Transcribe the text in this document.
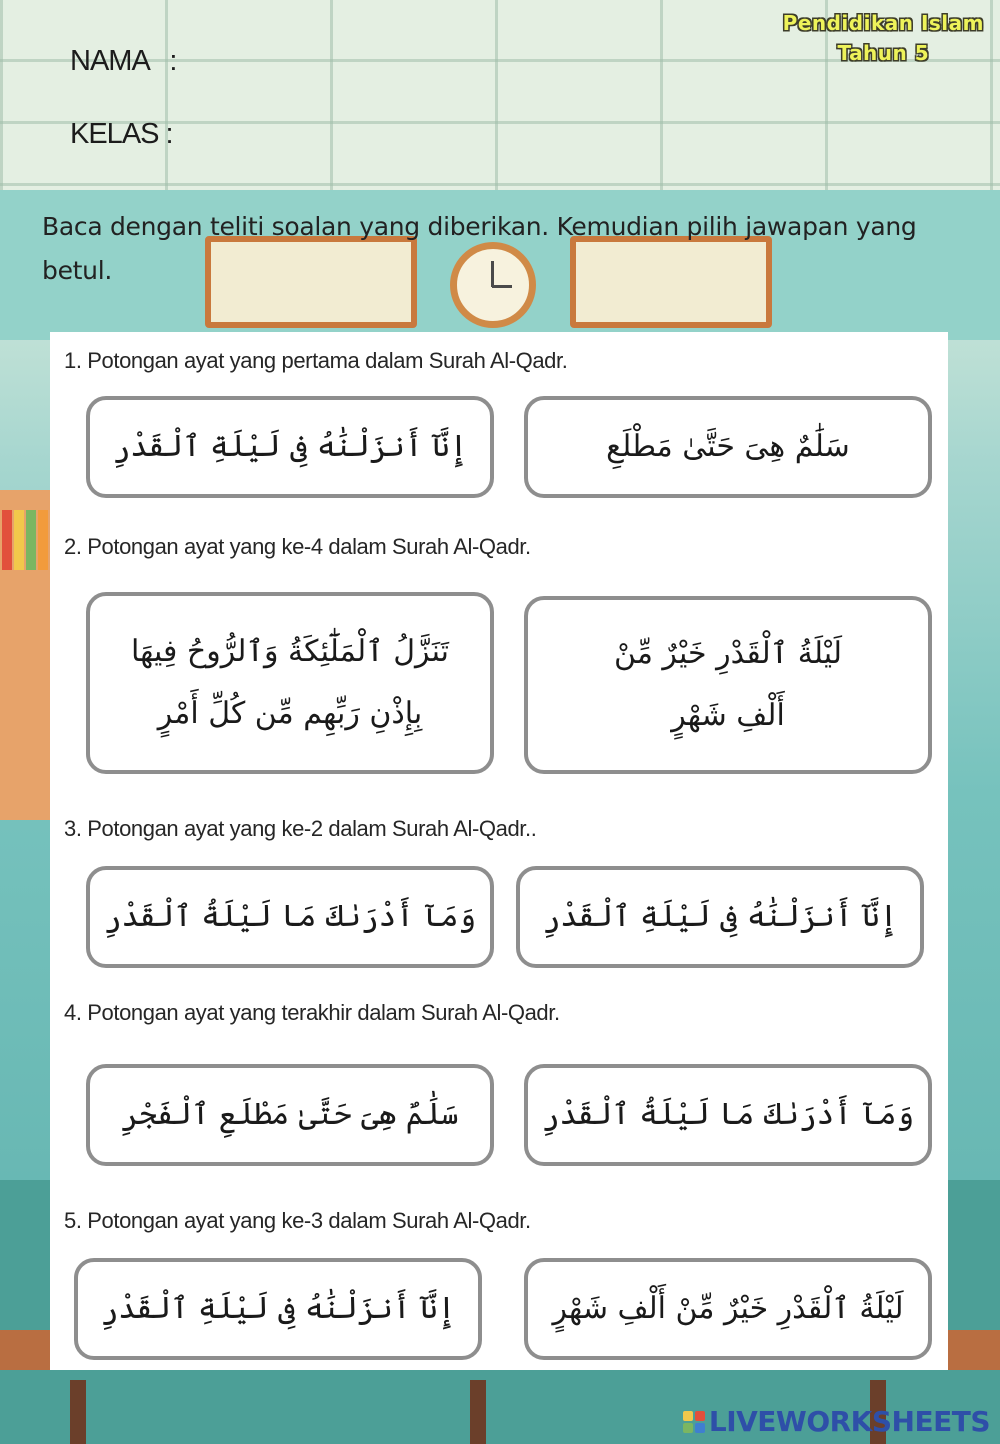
Pendidikan Islam
Tahun 5
NAMA   :
KELAS :
Baca dengan teliti soalan yang diberikan. Kemudian pilih jawapan yang betul.
1. Potongan ayat yang pertama dalam Surah Al-Qadr.
إِنَّآ أَنزَلْنَٰهُ فِى لَيْلَةِ ٱلْقَدْرِ	سَلَٰمٌ هِىَ حَتَّىٰ مَطْلَعِ
2. Potongan ayat yang ke-4 dalam Surah Al-Qadr.
تَنَزَّلُ ٱلْمَلَٰٓئِكَةُ وَٱلرُّوحُ فِيهَا
بِإِذْنِ رَبِّهِم مِّن كُلِّ أَمْرٍ
لَيْلَةُ ٱلْقَدْرِ خَيْرٌ مِّنْ
أَلْفِ شَهْرٍ
3. Potongan ayat yang ke-2 dalam Surah Al-Qadr..
وَمَآ أَدْرَىٰكَ مَا لَيْلَةُ ٱلْقَدْرِ إِنَّآ أَنزَلْنَٰهُ فِى لَيْلَةِ ٱلْقَدْرِ
4. Potongan ayat yang terakhir dalam Surah Al-Qadr.
سَلَٰمٌ هِىَ حَتَّىٰ مَطْلَعِ ٱلْفَجْرِ	وَمَآ أَدْرَىٰكَ مَا لَيْلَةُ ٱلْقَدْرِ
5. Potongan ayat yang ke-3 dalam Surah Al-Qadr.
إِنَّآ أَنزَلْنَٰهُ فِى لَيْلَةِ ٱلْقَدْرِ	لَيْلَةُ ٱلْقَدْرِ خَيْرٌ مِّنْ أَلْفِ شَهْرٍ
LIVEWORKSHEETS
